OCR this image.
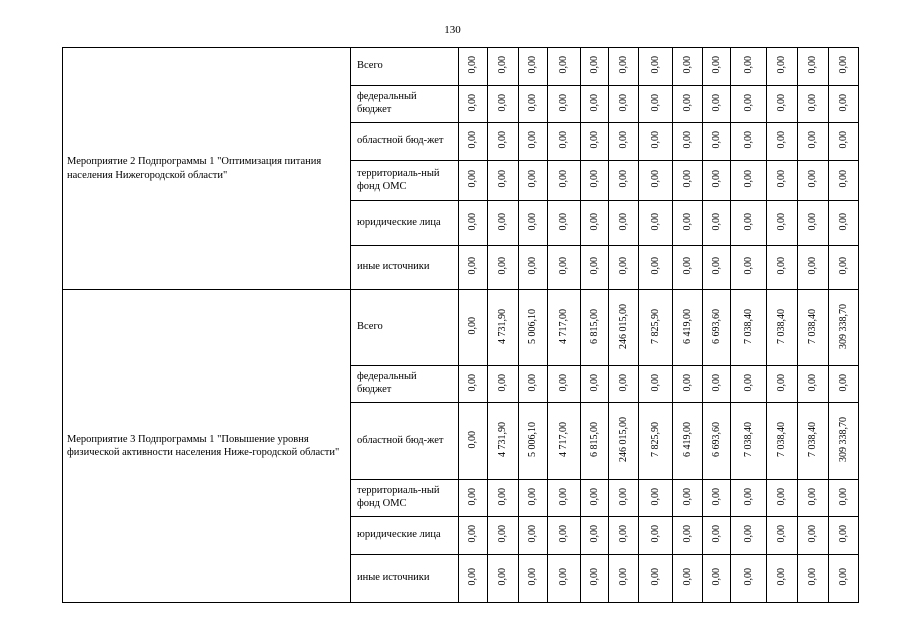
130
Мероприятие 2 Подпрограммы 1 "Оптимизация питания населения Нижегородской области"	Всего	0,00	0,00	0,00	0,00	0,00	0,00	0,00	0,00	0,00	0,00	0,00	0,00	0,00
	федеральный бюджет	0,00	0,00	0,00	0,00	0,00	0,00	0,00	0,00	0,00	0,00	0,00	0,00	0,00
	областной бюд-жет	0,00	0,00	0,00	0,00	0,00	0,00	0,00	0,00	0,00	0,00	0,00	0,00	0,00
	территориаль-ный фонд ОМС	0,00	0,00	0,00	0,00	0,00	0,00	0,00	0,00	0,00	0,00	0,00	0,00	0,00
	юридические лица	0,00	0,00	0,00	0,00	0,00	0,00	0,00	0,00	0,00	0,00	0,00	0,00	0,00
	иные источники	0,00	0,00	0,00	0,00	0,00	0,00	0,00	0,00	0,00	0,00	0,00	0,00	0,00
Мероприятие 3 Подпрограммы 1 "Повышение уровня физической активности населения Ниже-городской области"	Всего	0,00	4 731,90	5 006,10	4 717,00	6 815,00	246 015,00	7 825,90	6 419,00	6 693,60	7 038,40	7 038,40	7 038,40	309 338,70
	федеральный бюджет	0,00	0,00	0,00	0,00	0,00	0,00	0,00	0,00	0,00	0,00	0,00	0,00	0,00
	областной бюд-жет	0,00	4 731,90	5 006,10	4 717,00	6 815,00	246 015,00	7 825,90	6 419,00	6 693,60	7 038,40	7 038,40	7 038,40	309 338,70
	территориаль-ный фонд ОМС	0,00	0,00	0,00	0,00	0,00	0,00	0,00	0,00	0,00	0,00	0,00	0,00	0,00
	юридические лица	0,00	0,00	0,00	0,00	0,00	0,00	0,00	0,00	0,00	0,00	0,00	0,00	0,00
	иные источники	0,00	0,00	0,00	0,00	0,00	0,00	0,00	0,00	0,00	0,00	0,00	0,00	0,00
